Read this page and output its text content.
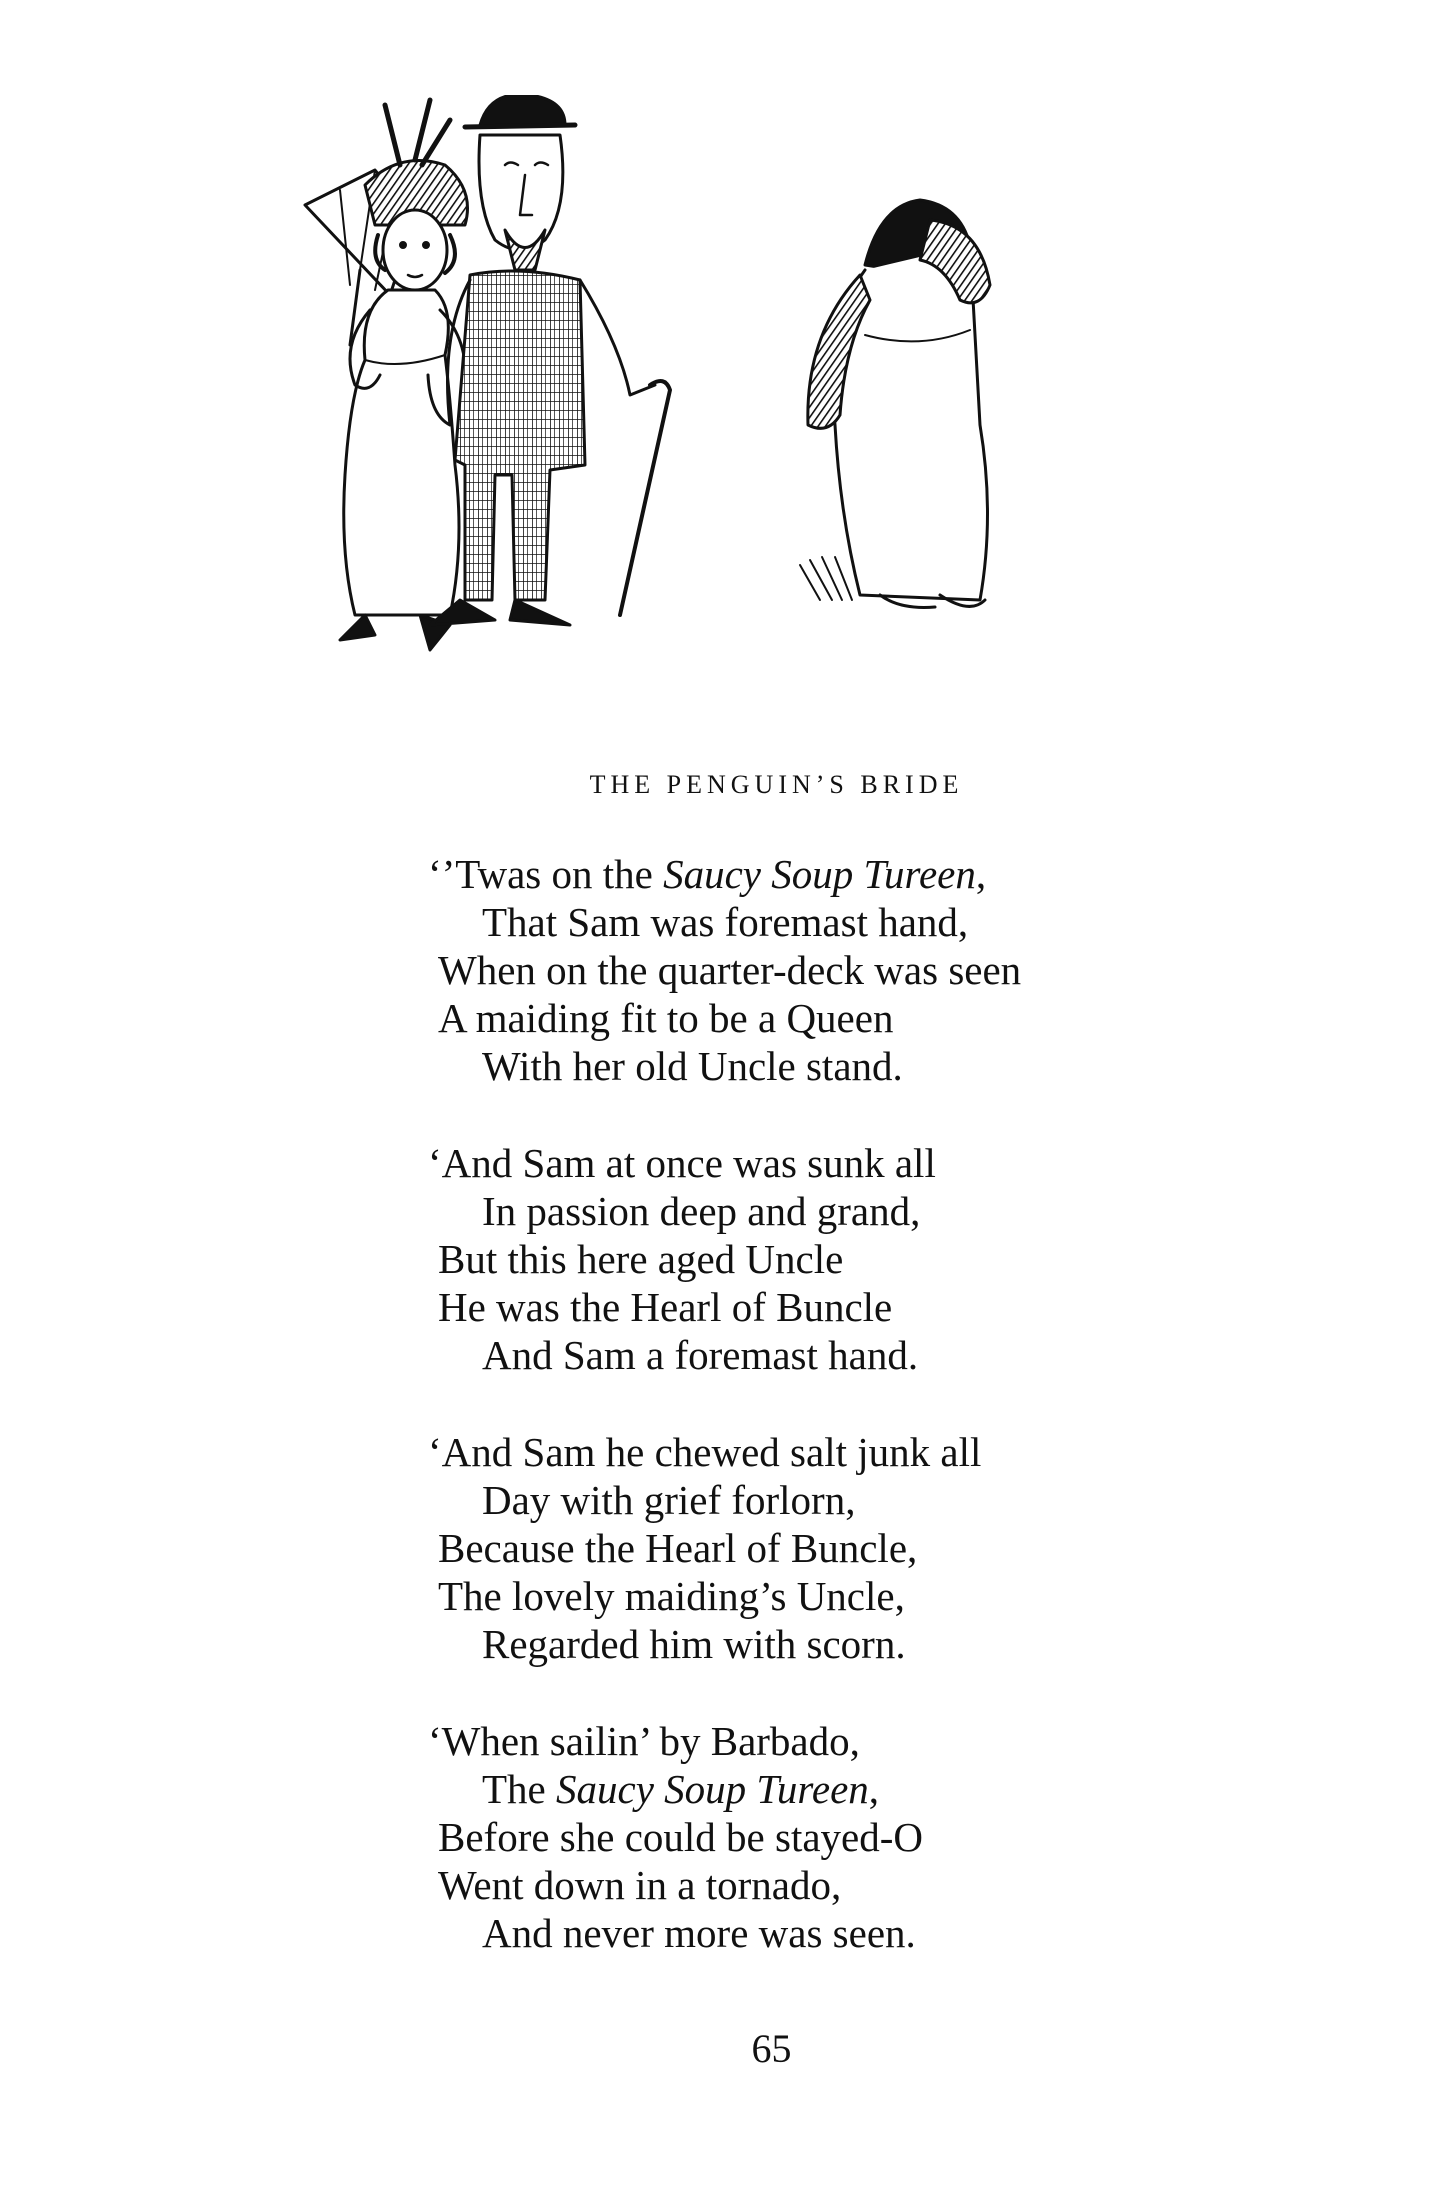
THE PENGUIN’S BRIDE
‘’Twas on the Saucy Soup Tureen,
That Sam was foremast hand,
When on the quarter-deck was seen
A maiding fit to be a Queen
With her old Uncle stand.
‘And Sam at once was sunk all
In passion deep and grand,
But this here aged Uncle
He was the Hearl of Buncle
And Sam a foremast hand.
‘And Sam he chewed salt junk all
Day with grief forlorn,
Because the Hearl of Buncle,
The lovely maiding’s Uncle,
Regarded him with scorn.
‘When sailin’ by Barbado,
The Saucy Soup Tureen,
Before she could be stayed-O
Went down in a tornado,
And never more was seen.
65
